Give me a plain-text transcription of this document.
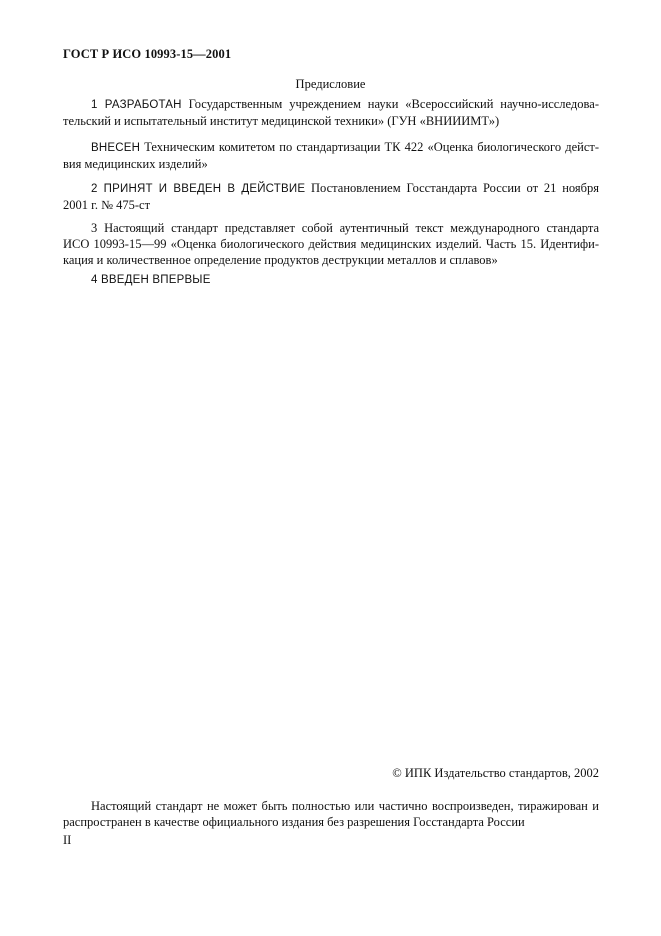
ГОСТ Р ИСО 10993-15—2001
Предисловие
1 РАЗРАБОТАН Государственным учреждением науки «Всероссийский научно-исследова-
тельский и испытательный институт медицинской техники» (ГУН «ВНИИИМТ»)
ВНЕСЕН Техническим комитетом по стандартизации ТК 422 «Оценка биологического дейст-
вия медицинских изделий»
2 ПРИНЯТ И ВВЕДЕН В ДЕЙСТВИЕ Постановлением Госстандарта России от 21 ноября
2001 г. № 475-ст
3 Настоящий стандарт представляет собой аутентичный текст международного стандарта
ИСО 10993-15—99 «Оценка биологического действия медицинских изделий. Часть 15. Идентифи-
кация и количественное определение продуктов деструкции металлов и сплавов»
4 ВВЕДЕН ВПЕРВЫЕ
© ИПК Издательство стандартов, 2002
Настоящий стандарт не может быть полностью или частично воспроизведен, тиражирован и
распространен в качестве официального издания без разрешения Госстандарта России
II
